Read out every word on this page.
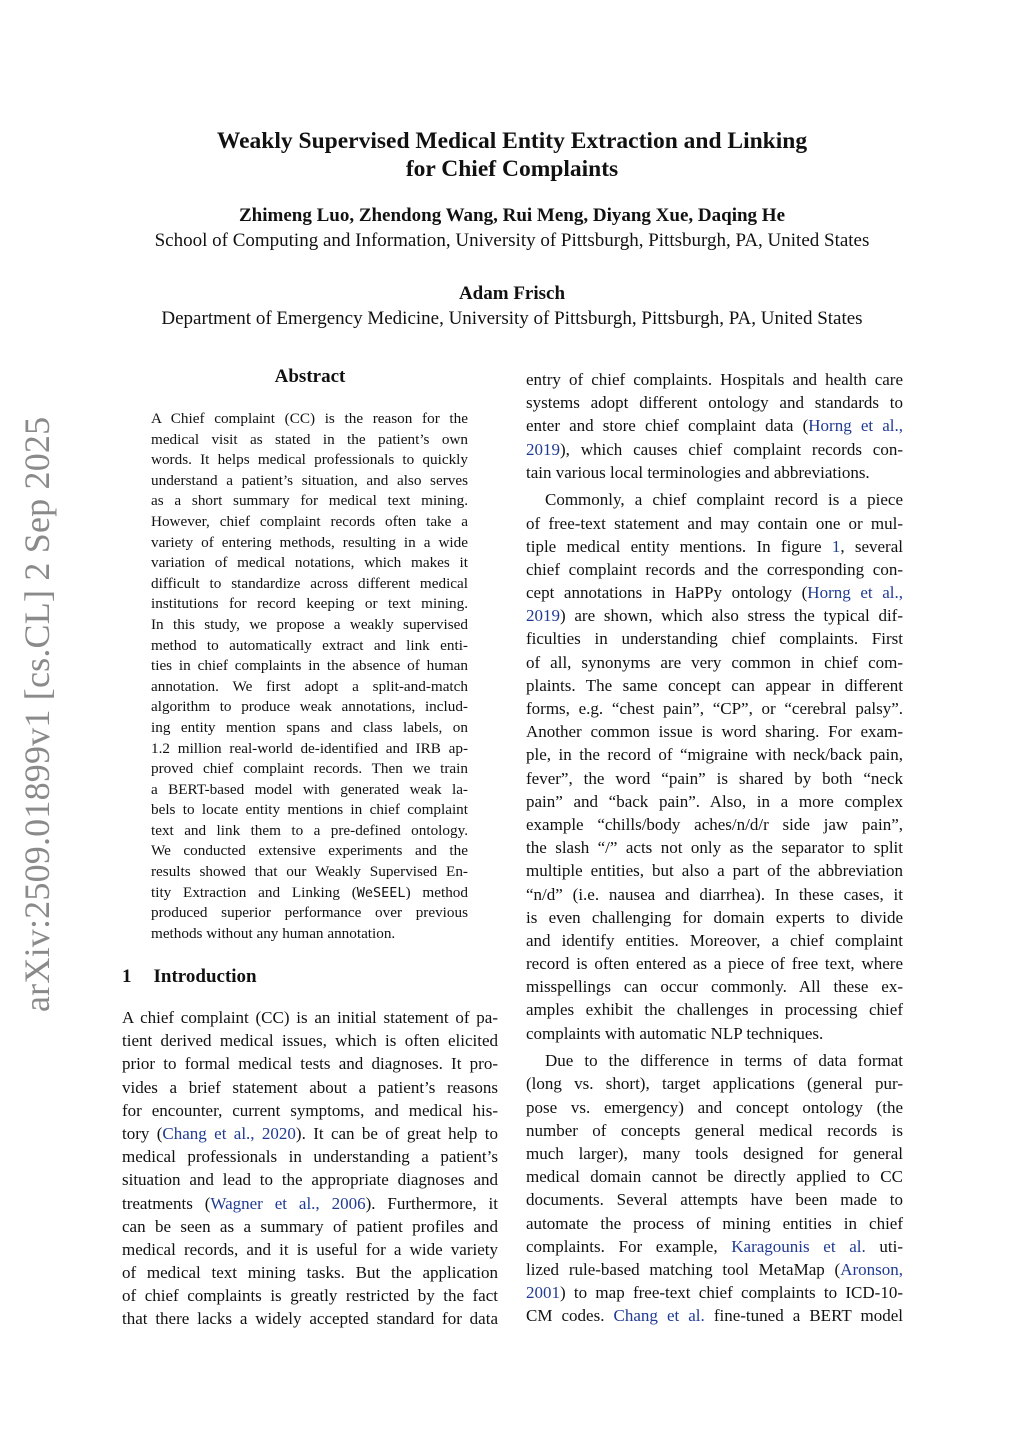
arXiv:2509.01899v1 [cs.CL] 2 Sep 2025
Weakly Supervised Medical Entity Extraction and Linking
for Chief Complaints
Zhimeng Luo, Zhendong Wang, Rui Meng, Diyang Xue, Daqing He
School of Computing and Information, University of Pittsburgh, Pittsburgh, PA, United States
Adam Frisch
Department of Emergency Medicine, University of Pittsburgh, Pittsburgh, PA, United States
Abstract
A Chief complaint (CC) is the reason for the
medical visit as stated in the patient’s own
words. It helps medical professionals to quickly
understand a patient’s situation, and also serves
as a short summary for medical text mining.
However, chief complaint records often take a
variety of entering methods, resulting in a wide
variation of medical notations, which makes it
difficult to standardize across different medical
institutions for record keeping or text mining.
In this study, we propose a weakly supervised
method to automatically extract and link enti-
ties in chief complaints in the absence of human
annotation. We first adopt a split-and-match
algorithm to produce weak annotations, includ-
ing entity mention spans and class labels, on
1.2 million real-world de-identified and IRB ap-
proved chief complaint records. Then we train
a BERT-based model with generated weak la-
bels to locate entity mentions in chief complaint
text and link them to a pre-defined ontology.
We conducted extensive experiments and the
results showed that our Weakly Supervised En-
tity Extraction and Linking (WeSEEL) method
produced superior performance over previous
methods without any human annotation.
1 Introduction
A chief complaint (CC) is an initial statement of pa-
tient derived medical issues, which is often elicited
prior to formal medical tests and diagnoses. It pro-
vides a brief statement about a patient’s reasons
for encounter, current symptoms, and medical his-
tory (Chang et al., 2020). It can be of great help to
medical professionals in understanding a patient’s
situation and lead to the appropriate diagnoses and
treatments (Wagner et al., 2006). Furthermore, it
can be seen as a summary of patient profiles and
medical records, and it is useful for a wide variety
of medical text mining tasks. But the application
of chief complaints is greatly restricted by the fact
that there lacks a widely accepted standard for data
entry of chief complaints. Hospitals and health care
systems adopt different ontology and standards to
enter and store chief complaint data (Horng et al.,
2019), which causes chief complaint records con-
tain various local terminologies and abbreviations.
Commonly, a chief complaint record is a piece
of free-text statement and may contain one or mul-
tiple medical entity mentions. In figure 1, several
chief complaint records and the corresponding con-
cept annotations in HaPPy ontology (Horng et al.,
2019) are shown, which also stress the typical dif-
ficulties in understanding chief complaints. First
of all, synonyms are very common in chief com-
plaints. The same concept can appear in different
forms, e.g. “chest pain”, “CP”, or “cerebral palsy”.
Another common issue is word sharing. For exam-
ple, in the record of “migraine with neck/back pain,
fever”, the word “pain” is shared by both “neck
pain” and “back pain”. Also, in a more complex
example “chills/body aches/n/d/r side jaw pain”,
the slash “/” acts not only as the separator to split
multiple entities, but also a part of the abbreviation
“n/d” (i.e. nausea and diarrhea). In these cases, it
is even challenging for domain experts to divide
and identify entities. Moreover, a chief complaint
record is often entered as a piece of free text, where
misspellings can occur commonly. All these ex-
amples exhibit the challenges in processing chief
complaints with automatic NLP techniques.
Due to the difference in terms of data format
(long vs. short), target applications (general pur-
pose vs. emergency) and concept ontology (the
number of concepts general medical records is
much larger), many tools designed for general
medical domain cannot be directly applied to CC
documents. Several attempts have been made to
automate the process of mining entities in chief
complaints. For example, Karagounis et al. uti-
lized rule-based matching tool MetaMap (Aronson,
2001) to map free-text chief complaints to ICD-10-
CM codes. Chang et al. fine-tuned a BERT model
